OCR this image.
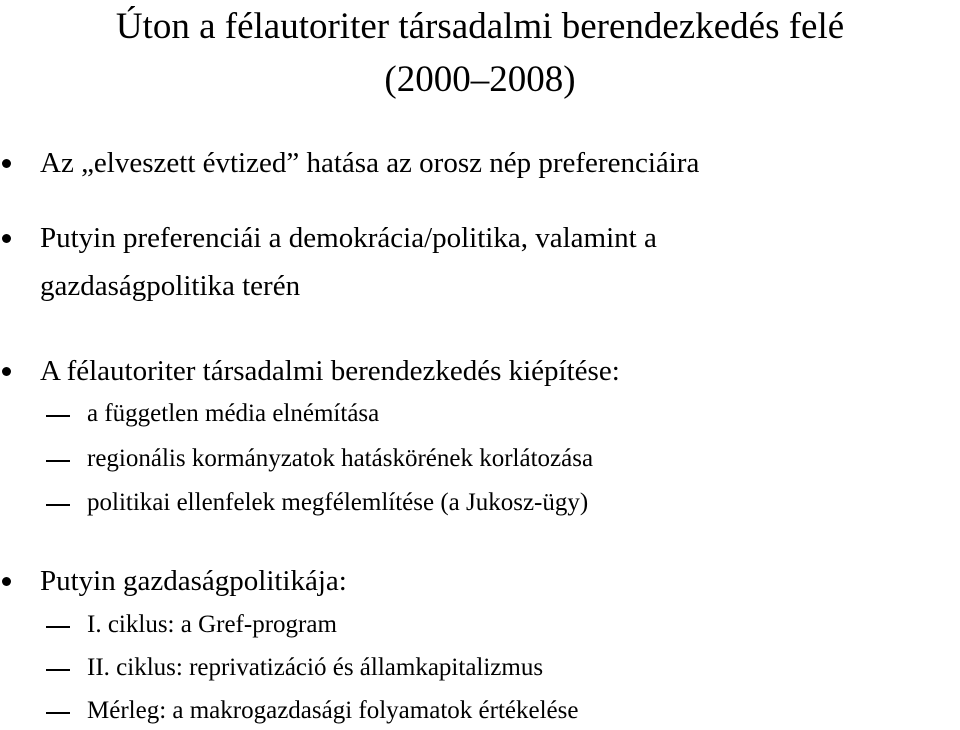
Úton a félautoriter társadalmi berendezkedés felé
(2000–2008)
Az „elveszett évtized” hatása az orosz nép preferenciáira
Putyin preferenciái a demokrácia/politika, valamint a
gazdaságpolitika terén
A félautoriter társadalmi berendezkedés kiépítése:
a független média elnémítása
regionális kormányzatok hatáskörének korlátozása
politikai ellenfelek megfélemlítése (a Jukosz-ügy)
Putyin gazdaságpolitikája:
I. ciklus: a Gref-program
II. ciklus: reprivatizáció és államkapitalizmus
Mérleg: a makrogazdasági folyamatok értékelése
